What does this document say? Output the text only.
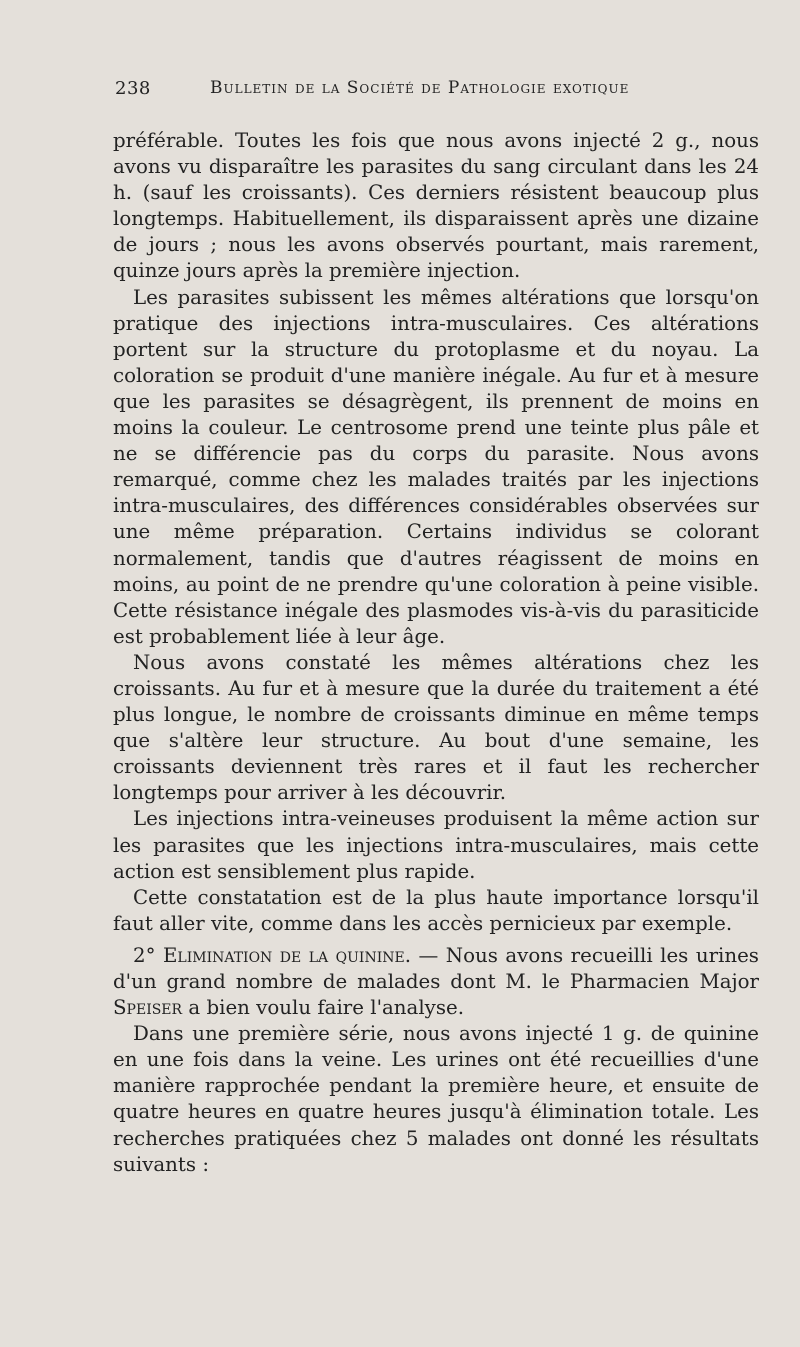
238	Bulletin de la Société de Pathologie exotique

préférable. Toutes les fois que nous avons injecté 2 g., nous avons vu disparaître les parasites du sang circulant dans les 24 h. (sauf les croissants). Ces derniers résistent beaucoup plus longtemps. Habituellement, ils disparaissent après une dizaine de jours ; nous les avons observés pourtant, mais rarement, quinze jours après la première injection.

Les parasites subissent les mêmes altérations que lorsqu'on pratique des injections intra-musculaires. Ces altérations portent sur la structure du protoplasme et du noyau. La coloration se produit d'une manière inégale. Au fur et à mesure que les parasites se désagrègent, ils prennent de moins en moins la couleur. Le centrosome prend une teinte plus pâle et ne se différencie pas du corps du parasite. Nous avons remarqué, comme chez les malades traités par les injections intra-musculaires, des différences considérables observées sur une même préparation. Certains individus se colorant normalement, tandis que d'autres réagissent de moins en moins, au point de ne prendre qu'une coloration à peine visible. Cette résistance inégale des plasmodes vis-à-vis du parasiticide est probablement liée à leur âge.

Nous avons constaté les mêmes altérations chez les croissants. Au fur et à mesure que la durée du traitement a été plus longue, le nombre de croissants diminue en même temps que s'altère leur structure. Au bout d'une semaine, les croissants deviennent très rares et il faut les rechercher longtemps pour arriver à les découvrir.

Les injections intra-veineuses produisent la même action sur les parasites que les injections intra-musculaires, mais cette action est sensiblement plus rapide.

Cette constatation est de la plus haute importance lorsqu'il faut aller vite, comme dans les accès pernicieux par exemple.

2° Elimination de la quinine. — Nous avons recueilli les urines d'un grand nombre de malades dont M. le Pharmacien Major Speiser a bien voulu faire l'analyse.

Dans une première série, nous avons injecté 1 g. de quinine en une fois dans la veine. Les urines ont été recueillies d'une manière rapprochée pendant la première heure, et ensuite de quatre heures en quatre heures jusqu'à élimination totale. Les recherches pratiquées chez 5 malades ont donné les résultats suivants :
